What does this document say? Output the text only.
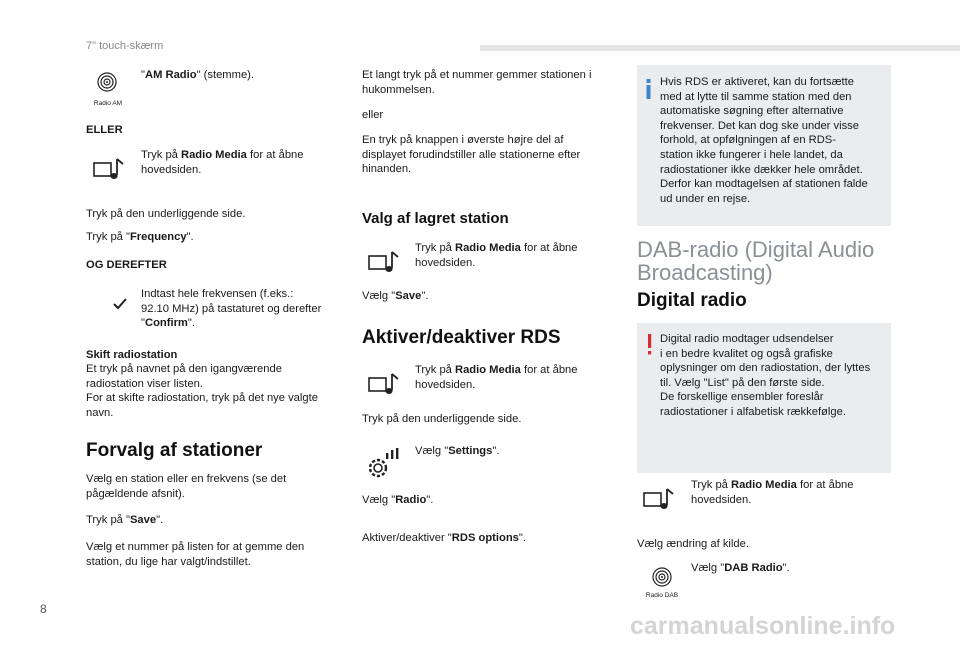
7" touch-skærm
Radio AM
"AM Radio" (stemme).
ELLER
Tryk på Radio Media for at åbne
hovedsiden.
Tryk på den underliggende side.
Tryk på "Frequency".
OG DEREFTER
Indtast hele frekvensen (f.eks.:
92.10 MHz) på tastaturet og derefter
"Confirm".
Skift radiostation
Et tryk på navnet på den igangværende
radiostation viser listen.
For at skifte radiostation, tryk på det nye valgte
navn.
Forvalg af stationer
Vælg en station eller en frekvens (se det
pågældende afsnit).
Tryk på "Save".
Vælg et nummer på listen for at gemme den
station, du lige har valgt/indstillet.
Et langt tryk på et nummer gemmer stationen i
hukommelsen.
eller
En tryk på knappen i øverste højre del af
displayet forudindstiller alle stationerne efter
hinanden.
Valg af lagret station
Tryk på Radio Media for at åbne
hovedsiden.
Vælg "Save".
Aktiver/deaktiver RDS
Tryk på Radio Media for at åbne
hovedsiden.
Tryk på den underliggende side.
Vælg "Settings".
Vælg "Radio".
Aktiver/deaktiver "RDS options".
Hvis RDS er aktiveret, kan du fortsætte
med at lytte til samme station med den
automatiske søgning efter alternative
frekvenser. Det kan dog ske under visse
forhold, at opfølgningen af en RDS-
station ikke fungerer i hele landet, da
radiostationer ikke dækker hele området.
Derfor kan modtagelsen af stationen falde
ud under en rejse.
DAB-radio (Digital Audio
Broadcasting)
Digital radio
Digital radio modtager udsendelser
i en bedre kvalitet og også grafiske
oplysninger om den radiostation, der lyttes
til. Vælg "List" på den første side.
De forskellige ensembler foreslår
radiostationer i alfabetisk rækkefølge.
Tryk på Radio Media for at åbne
hovedsiden.
Vælg ændring af kilde.
Radio DAB
Vælg "DAB Radio".
8
carmanualsonline.info
